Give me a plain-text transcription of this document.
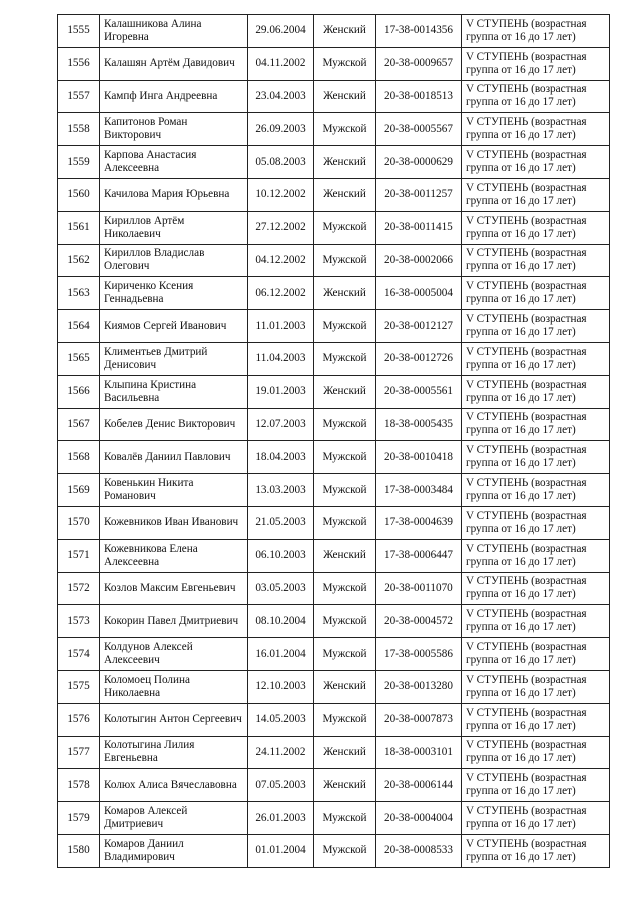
1555	Калашникова Алина Игоревна	29.06.2004	Женский	17-38-0014356	V СТУПЕНЬ (возрастная группа от 16 до 17 лет)
1556	Калашян Артём Давидович	04.11.2002	Мужской	20-38-0009657	V СТУПЕНЬ (возрастная группа от 16 до 17 лет)
1557	Кампф Инга Андреевна	23.04.2003	Женский	20-38-0018513	V СТУПЕНЬ (возрастная группа от 16 до 17 лет)
1558	Капитонов Роман Викторович	26.09.2003	Мужской	20-38-0005567	V СТУПЕНЬ (возрастная группа от 16 до 17 лет)
1559	Карпова Анастасия Алексеевна	05.08.2003	Женский	20-38-0000629	V СТУПЕНЬ (возрастная группа от 16 до 17 лет)
1560	Качилова Мария Юрьевна	10.12.2002	Женский	20-38-0011257	V СТУПЕНЬ (возрастная группа от 16 до 17 лет)
1561	Кириллов Артём Николаевич	27.12.2002	Мужской	20-38-0011415	V СТУПЕНЬ (возрастная группа от 16 до 17 лет)
1562	Кириллов Владислав Олегович	04.12.2002	Мужской	20-38-0002066	V СТУПЕНЬ (возрастная группа от 16 до 17 лет)
1563	Кириченко Ксения Геннадьевна	06.12.2002	Женский	16-38-0005004	V СТУПЕНЬ (возрастная группа от 16 до 17 лет)
1564	Киямов Сергей Иванович	11.01.2003	Мужской	20-38-0012127	V СТУПЕНЬ (возрастная группа от 16 до 17 лет)
1565	Климентьев Дмитрий Денисович	11.04.2003	Мужской	20-38-0012726	V СТУПЕНЬ (возрастная группа от 16 до 17 лет)
1566	Клыпина Кристина Васильевна	19.01.2003	Женский	20-38-0005561	V СТУПЕНЬ (возрастная группа от 16 до 17 лет)
1567	Кобелев Денис Викторович	12.07.2003	Мужской	18-38-0005435	V СТУПЕНЬ (возрастная группа от 16 до 17 лет)
1568	Ковалёв Даниил Павлович	18.04.2003	Мужской	20-38-0010418	V СТУПЕНЬ (возрастная группа от 16 до 17 лет)
1569	Ковенькин Никита Романович	13.03.2003	Мужской	17-38-0003484	V СТУПЕНЬ (возрастная группа от 16 до 17 лет)
1570	Кожевников Иван Иванович	21.05.2003	Мужской	17-38-0004639	V СТУПЕНЬ (возрастная группа от 16 до 17 лет)
1571	Кожевникова Елена Алексеевна	06.10.2003	Женский	17-38-0006447	V СТУПЕНЬ (возрастная группа от 16 до 17 лет)
1572	Козлов Максим Евгеньевич	03.05.2003	Мужской	20-38-0011070	V СТУПЕНЬ (возрастная группа от 16 до 17 лет)
1573	Кокорин Павел Дмитриевич	08.10.2004	Мужской	20-38-0004572	V СТУПЕНЬ (возрастная группа от 16 до 17 лет)
1574	Колдунов Алексей Алексеевич	16.01.2004	Мужской	17-38-0005586	V СТУПЕНЬ (возрастная группа от 16 до 17 лет)
1575	Коломоец Полина Николаевна	12.10.2003	Женский	20-38-0013280	V СТУПЕНЬ (возрастная группа от 16 до 17 лет)
1576	Колотыгин Антон Сергеевич	14.05.2003	Мужской	20-38-0007873	V СТУПЕНЬ (возрастная группа от 16 до 17 лет)
1577	Колотыгина Лилия Евгеньевна	24.11.2002	Женский	18-38-0003101	V СТУПЕНЬ (возрастная группа от 16 до 17 лет)
1578	Колюх Алиса Вячеславовна	07.05.2003	Женский	20-38-0006144	V СТУПЕНЬ (возрастная группа от 16 до 17 лет)
1579	Комаров Алексей Дмитриевич	26.01.2003	Мужской	20-38-0004004	V СТУПЕНЬ (возрастная группа от 16 до 17 лет)
1580	Комаров Даниил Владимирович	01.01.2004	Мужской	20-38-0008533	V СТУПЕНЬ (возрастная группа от 16 до 17 лет)
